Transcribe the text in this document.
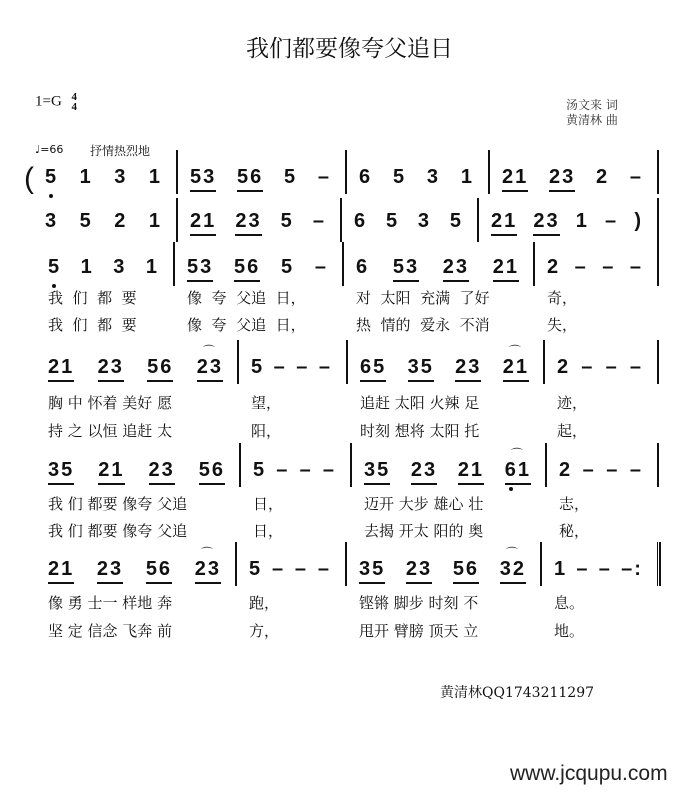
我们都要像夸父追日
1=G 4
4	汤文来 词
黄清林 曲
♩=66 抒情热烈地
( 5 1 3 1 53 56 5 – 6 5 3 1 21 23 2 –
3 5 2 1 21 23 5 – 6 5 3 5 21 23 1 – )
5 1 3 1 53 56 5 – 6 53 23 21 2 – – –
我  们  都  要	像  夸  父追  日，	对  太阳  充满  了好	奇，
我  们  都  要	像  夸  父追  日，	热  情的  爱永  不消	失，
21 23 56 23
⌒
5 – – – 65 35 23 21
⌒
2 – – –
胸 中 怀着 美好 愿	望，	追赶 太阳 火辣 足	迹，
持 之 以恒 追赶 太	阳，	时刻 想将 太阳 托	起，
35 21 23 56 5 – – – 35 23 21 61
⌒
2 – – –
我 们 都要 像夸 父追	日，	迈开 大步 雄心 壮	志，
我 们 都要 像夸 父追	日，	去揭 开太 阳的 奥	秘，
21 23 56 23
⌒
5 – – – 35 23 56 32
⌒
1 – – –:
像 勇 士一 样地 奔	跑，	铿锵 脚步 时刻 不	息。
坚 定 信念 飞奔 前	方，	甩开 臂膀 顶天 立	地。
黄清林QQ1743211297
www.jcqupu.com
